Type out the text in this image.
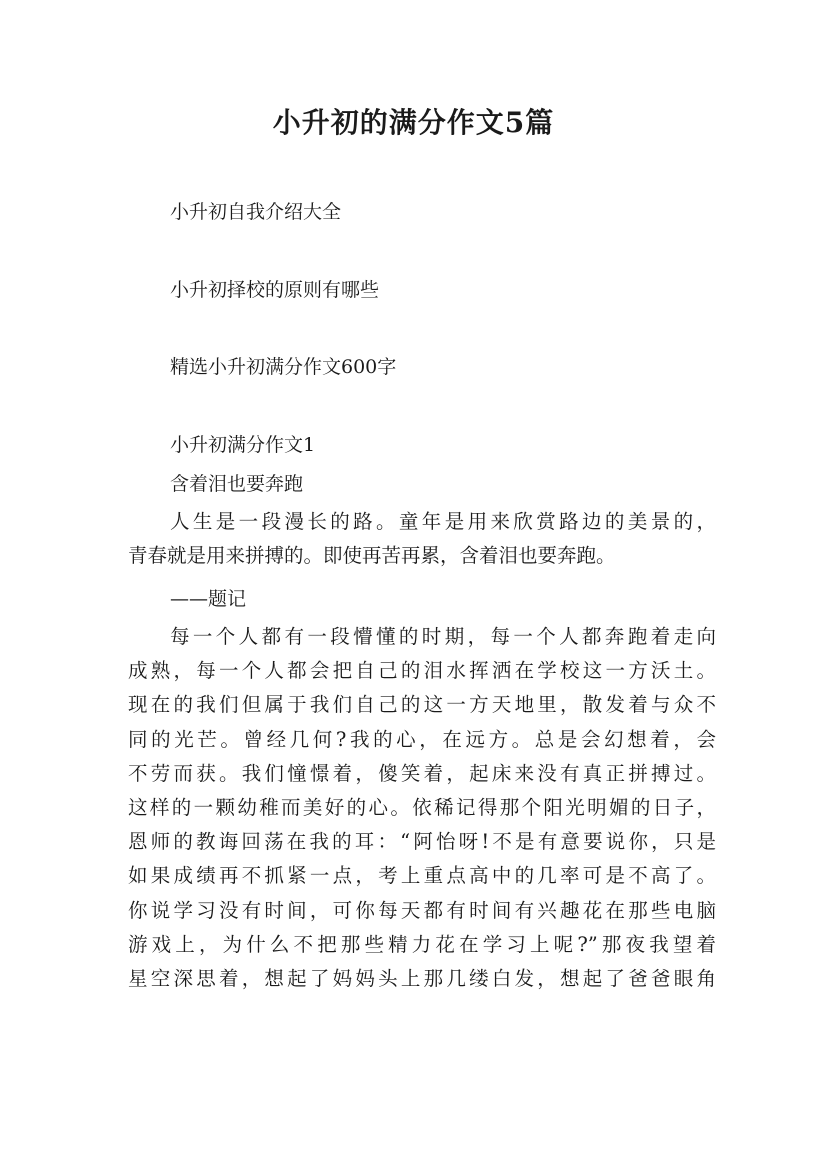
小升初的满分作文5篇
小升初自我介绍大全
小升初择校的原则有哪些
精选小升初满分作文600字
小升初满分作文1
含着泪也要奔跑
人生是一段漫长的路。童年是用来欣赏路边的美景的，
青春就是用来拼搏的。即使再苦再累，含着泪也要奔跑。
——题记
每一个人都有一段懵懂的时期，每一个人都奔跑着走向
成熟，每一个人都会把自己的泪水挥洒在学校这一方沃土。
现在的我们但属于我们自己的这一方天地里，散发着与众不
同的光芒。曾经几何?我的心，在远方。总是会幻想着，会
不劳而获。我们憧憬着，傻笑着，起床来没有真正拼搏过。
这样的一颗幼稚而美好的心。依稀记得那个阳光明媚的日子，
恩师的教诲回荡在我的耳：“阿怡呀!不是有意要说你，只是
如果成绩再不抓紧一点，考上重点高中的几率可是不高了。
你说学习没有时间，可你每天都有时间有兴趣花在那些电脑
游戏上，为什么不把那些精力花在学习上呢?”那夜我望着
星空深思着，想起了妈妈头上那几缕白发，想起了爸爸眼角
